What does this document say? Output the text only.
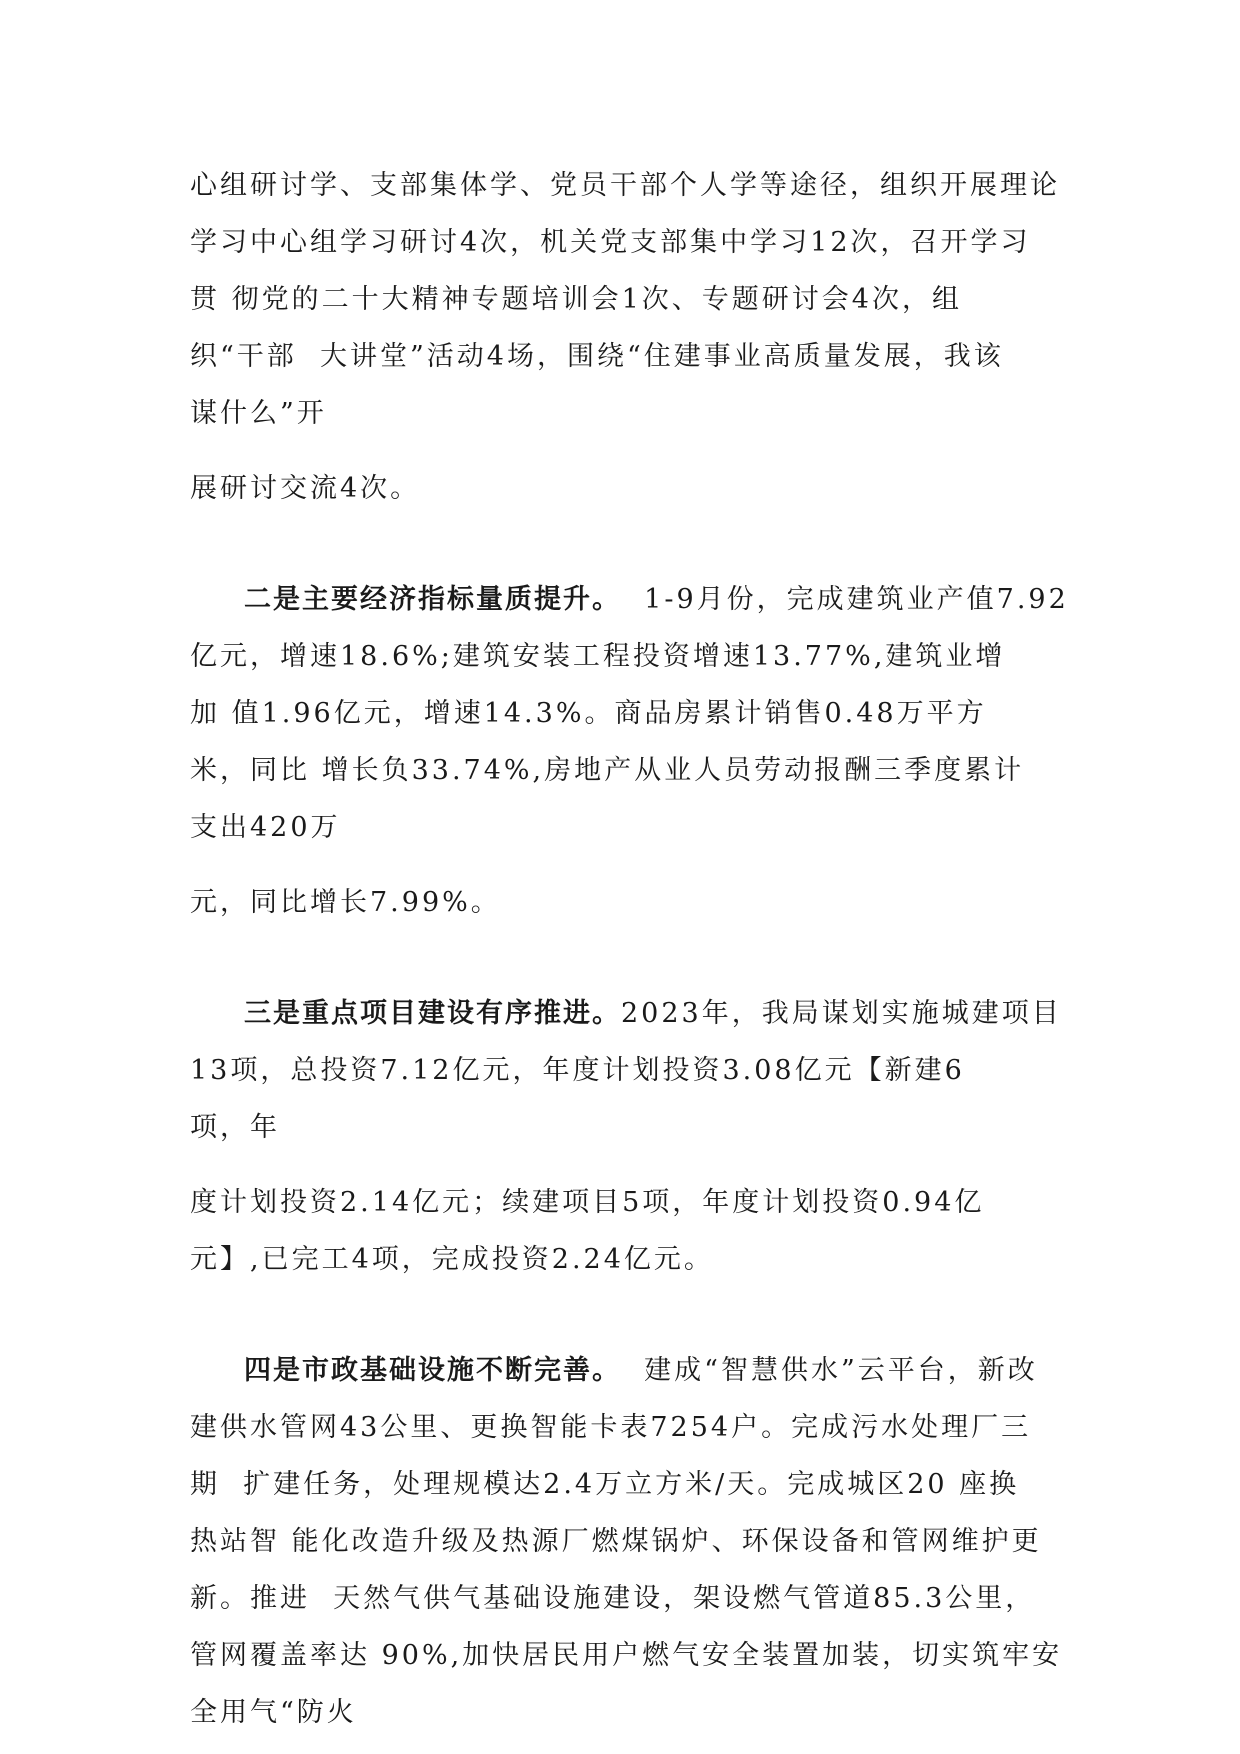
心组研讨学、支部集体学、党员干部个人学等途径，组织开展理论

学习中心组学习研讨4次，机关党支部集中学习12次，召开学习

贯 彻党的二十大精神专题培训会1次、专题研讨会4次，组

织“干部  大讲堂”活动4场，围绕“住建事业高质量发展，我该

谋什么”开

展研讨交流4次。

二是主要经济指标量质提升。  1-9月份，完成建筑业产值7.92

亿元，增速18.6%;建筑安装工程投资增速13.77%,建筑业增

加 值1.96亿元，增速14.3%。商品房累计销售0.48万平方

米，同比 增长负33.74%,房地产从业人员劳动报酬三季度累计

支出420万

元，同比增长7.99%。

三是重点项目建设有序推进。2023年，我局谋划实施城建项目

13项，总投资7.12亿元，年度计划投资3.08亿元【新建6

项，年

度计划投资2.14亿元；续建项目5项，年度计划投资0.94亿

元】,已完工4项，完成投资2.24亿元。

四是市政基础设施不断完善。  建成“智慧供水”云平台，新改

建供水管网43公里、更换智能卡表7254户。完成污水处理厂三

期  扩建任务，处理规模达2.4万立方米/天。完成城区20 座换

热站智 能化改造升级及热源厂燃煤锅炉、环保设备和管网维护更

新。推进  天然气供气基础设施建设，架设燃气管道85.3公里，

管网覆盖率达 90%,加快居民用户燃气安全装置加装，切实筑牢安

全用气“防火
